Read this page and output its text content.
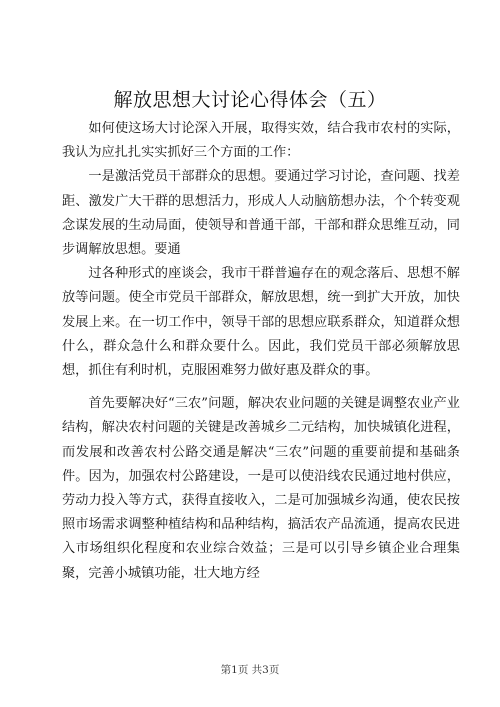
解放思想大讨论心得体会（五）

如何使这场大讨论深入开展，取得实效，结合我市农村的实际，我认为应扎扎实实抓好三个方面的工作：

一是激活党员干部群众的思想。要通过学习讨论，查问题、找差距、激发广大干群的思想活力，形成人人动脑筋想办法，个个转变观念谋发展的生动局面，使领导和普通干部，干部和群众思维互动，同步调解放思想。要通

过各种形式的座谈会，我市干群普遍存在的观念落后、思想不解放等问题。使全市党员干部群众，解放思想，统一到扩大开放，加快发展上来。在一切工作中，领导干部的思想应联系群众，知道群众想什么，群众急什么和群众要什么。因此，我们党员干部必须解放思想，抓住有利时机，克服困难努力做好惠及群众的事。

首先要解决好“三农”问题，解决农业问题的关键是调整农业产业结构，解决农村问题的关键是改善城乡二元结构，加快城镇化进程，而发展和改善农村公路交通是解决“三农”问题的重要前提和基础条件。因为，加强农村公路建设，一是可以使沿线农民通过地村供应，劳动力投入等方式，获得直接收入，二是可加强城乡沟通，使农民按照市场需求调整种植结构和品种结构，搞活农产品流通，提高农民进入市场组织化程度和农业综合效益；三是可以引导乡镇企业合理集聚，完善小城镇功能，壮大地方经

第1页 共3页
